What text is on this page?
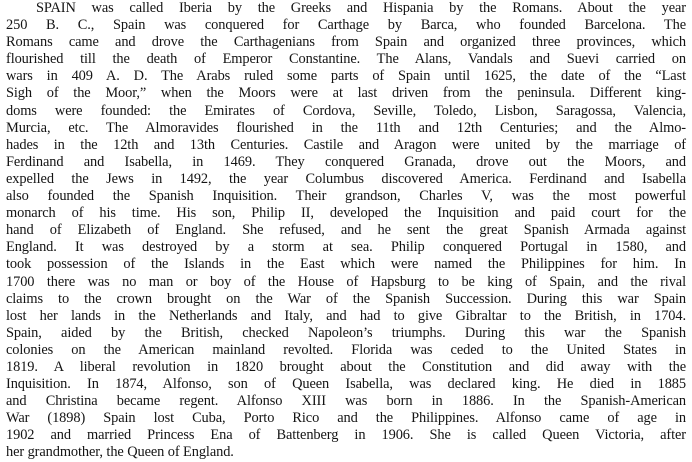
SPAIN was called Iberia by the Greeks and Hispania by the Romans. About the year
250 B. C., Spain was conquered for Carthage by Barca, who founded Barcelona. The
Romans came and drove the Carthagenians from Spain and organized three provinces, which
flourished till the death of Emperor Constantine. The Alans, Vandals and Suevi carried on
wars in 409 A. D. The Arabs ruled some parts of Spain until 1625, the date of the “Last
Sigh of the Moor,” when the Moors were at last driven from the peninsula. Different king-
doms were founded: the Emirates of Cordova, Seville, Toledo, Lisbon, Saragossa, Valencia,
Murcia, etc. The Almoravides flourished in the 11th and 12th Centuries; and the Almo-
hades in the 12th and 13th Centuries. Castile and Aragon were united by the marriage of
Ferdinand and Isabella, in 1469. They conquered Granada, drove out the Moors, and
expelled the Jews in 1492, the year Columbus discovered America. Ferdinand and Isabella
also founded the Spanish Inquisition. Their grandson, Charles V, was the most powerful
monarch of his time. His son, Philip II, developed the Inquisition and paid court for the
hand of Elizabeth of England. She refused, and he sent the great Spanish Armada against
England. It was destroyed by a storm at sea. Philip conquered Portugal in 1580, and
took possession of the Islands in the East which were named the Philippines for him. In
1700 there was no man or boy of the House of Hapsburg to be king of Spain, and the rival
claims to the crown brought on the War of the Spanish Succession. During this war Spain
lost her lands in the Netherlands and Italy, and had to give Gibraltar to the British, in 1704.
Spain, aided by the British, checked Napoleon’s triumphs. During this war the Spanish
colonies on the American mainland revolted. Florida was ceded to the United States in
1819. A liberal revolution in 1820 brought about the Constitution and did away with the
Inquisition. In 1874, Alfonso, son of Queen Isabella, was declared king. He died in 1885
and Christina became regent. Alfonso XIII was born in 1886. In the Spanish-American
War (1898) Spain lost Cuba, Porto Rico and the Philippines. Alfonso came of age in
1902 and married Princess Ena of Battenberg in 1906. She is called Queen Victoria, after
her grandmother, the Queen of England.
